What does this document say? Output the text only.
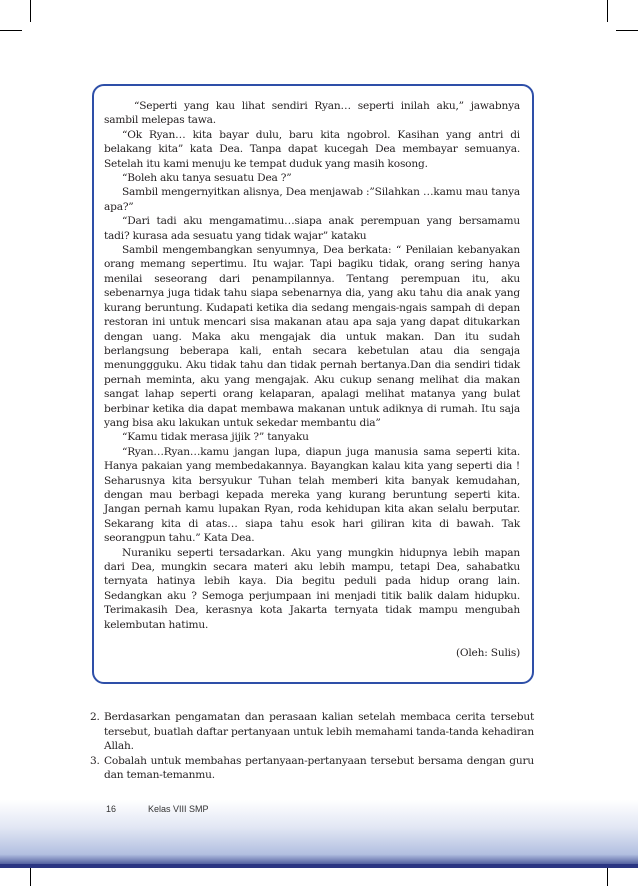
“Seperti yang kau lihat sendiri Ryan… seperti inilah aku,” jawabnya sambil melepas tawa.

“Ok Ryan… kita bayar dulu, baru kita ngobrol. Kasihan yang antri di belakang kita” kata Dea. Tanpa dapat kucegah Dea membayar semuanya. Setelah itu kami menuju ke tempat duduk yang masih kosong.

“Boleh aku tanya sesuatu Dea ?”

Sambil mengernyitkan alisnya, Dea menjawab :”Silahkan …kamu mau tanya apa?”

“Dari tadi aku mengamatimu…siapa anak perempuan yang bersamamu tadi? kurasa ada sesuatu yang tidak wajar” kataku

Sambil mengembangkan senyumnya, Dea berkata: “ Penilaian kebanyakan orang memang sepertimu. Itu wajar. Tapi bagiku tidak, orang sering hanya menilai seseorang dari penampilannya. Tentang perempuan itu, aku sebenarnya juga tidak tahu siapa sebenarnya dia, yang aku tahu dia anak yang kurang beruntung. Kudapati ketika dia sedang mengais-ngais sampah di depan restoran ini untuk mencari sisa makanan atau apa saja yang dapat ditukarkan dengan uang. Maka aku mengajak dia untuk makan. Dan itu sudah berlangsung beberapa kali, entah secara kebetulan atau dia sengaja menunggguku. Aku tidak tahu dan tidak pernah bertanya.Dan dia sendiri tidak pernah meminta, aku yang mengajak. Aku cukup senang melihat dia makan sangat lahap seperti orang kelaparan, apalagi melihat matanya yang bulat berbinar ketika dia dapat membawa makanan untuk adiknya di rumah. Itu saja yang bisa aku lakukan untuk sekedar membantu dia”

“Kamu tidak merasa jijik ?” tanyaku

“Ryan…Ryan…kamu jangan lupa, diapun juga manusia sama seperti kita. Hanya pakaian yang membedakannya. Bayangkan kalau kita yang seperti dia ! Seharusnya kita bersyukur Tuhan telah memberi kita banyak kemudahan, dengan mau berbagi kepada mereka yang kurang beruntung seperti kita. Jangan pernah kamu lupakan Ryan, roda kehidupan kita akan selalu berputar. Sekarang kita di atas… siapa tahu esok hari giliran kita di bawah. Tak seorangpun tahu.” Kata Dea.

Nuraniku seperti tersadarkan. Aku yang mungkin hidupnya lebih mapan dari Dea, mungkin secara materi aku lebih mampu, tetapi Dea, sahabatku ternyata hatinya lebih kaya. Dia begitu peduli pada hidup orang lain. Sedangkan aku ? Semoga perjumpaan ini menjadi titik balik dalam hidupku. Terimakasih Dea, kerasnya kota Jakarta ternyata tidak mampu mengubah kelembutan hatimu.

(Oleh: Sulis)

2. Berdasarkan pengamatan dan perasaan kalian setelah membaca cerita tersebut tersebut, buatlah daftar pertanyaan untuk lebih memahami tanda-tanda kehadiran Allah.
3. Cobalah untuk membahas pertanyaan-pertanyaan tersebut bersama dengan guru dan teman-temanmu.
16	Kelas VIII SMP
